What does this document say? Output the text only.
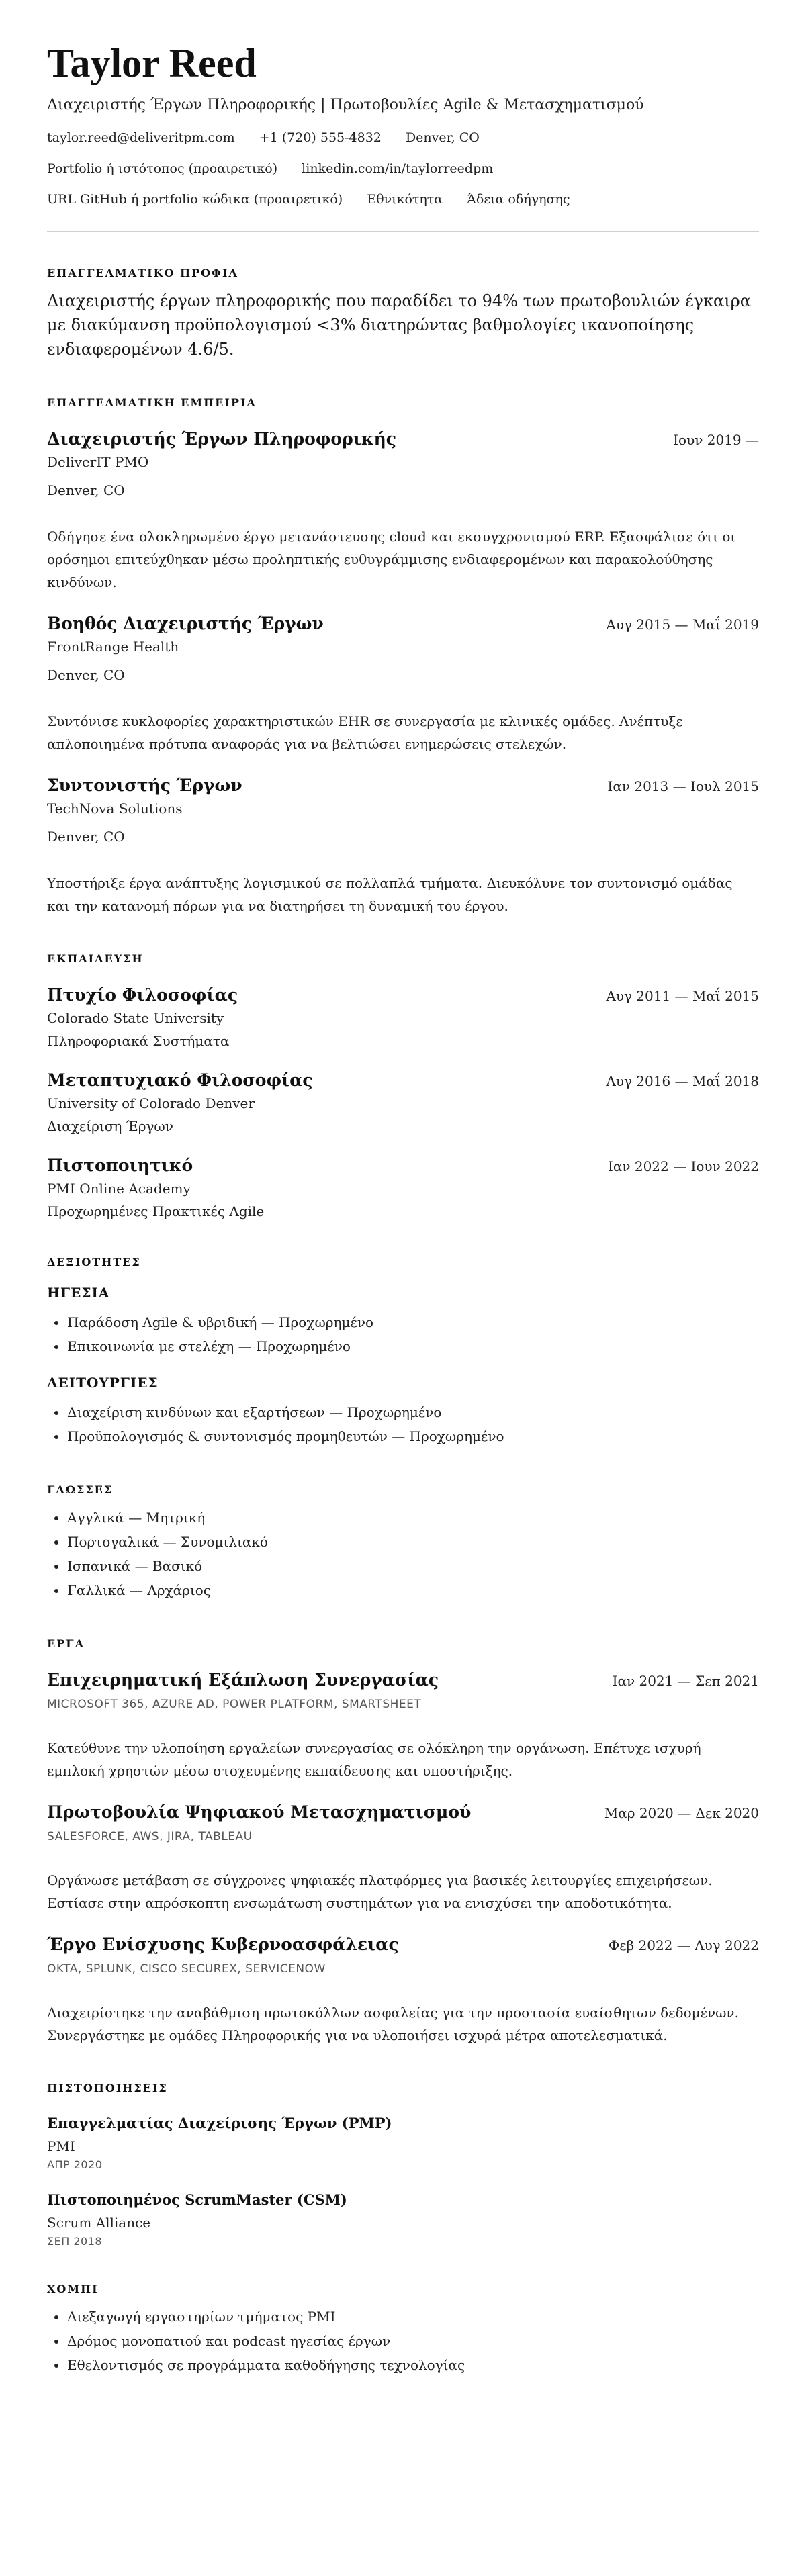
Taylor Reed
Διαχειριστής Έργων Πληροφορικής | Πρωτοβουλίες Agile & Μετασχηματισμού
taylor.reed@deliveritpm.com +1 (720) 555-4832 Denver, CO
Portfolio ή ιστότοπος (προαιρετικό) linkedin.com/in/taylorreedpm
URL GitHub ή portfolio κώδικα (προαιρετικό) Εθνικότητα Άδεια οδήγησης
ΕΠΑΓΓΕΛΜΑΤΙΚΟ ΠΡΟΦΙΛ
Διαχειριστής έργων πληροφορικής που παραδίδει το 94% των πρωτοβουλιών έγκαιρα με διακύμανση προϋπολογισμού <3% διατηρώντας βαθμολογίες ικανοποίησης ενδιαφερομένων 4.6/5.
ΕΠΑΓΓΕΛΜΑΤΙΚΗ ΕΜΠΕΙΡΙΑ
Διαχειριστής Έργων Πληροφορικής	Ιουν 2019 —
DeliverIT PMO
Denver, CO
Οδήγησε ένα ολοκληρωμένο έργο μετανάστευσης cloud και εκσυγχρονισμού ERP. Εξασφάλισε ότι οι ορόσημοι επιτεύχθηκαν μέσω προληπτικής ευθυγράμμισης ενδιαφερομένων και παρακολούθησης κινδύνων.
Βοηθός Διαχειριστής Έργων	Αυγ 2015 — Μαΐ 2019
FrontRange Health
Denver, CO
Συντόνισε κυκλοφορίες χαρακτηριστικών EHR σε συνεργασία με κλινικές ομάδες. Ανέπτυξε απλοποιημένα πρότυπα αναφοράς για να βελτιώσει ενημερώσεις στελεχών.
Συντονιστής Έργων	Ιαν 2013 — Ιουλ 2015
TechNova Solutions
Denver, CO
Υποστήριξε έργα ανάπτυξης λογισμικού σε πολλαπλά τμήματα. Διευκόλυνε τον συντονισμό ομάδας και την κατανομή πόρων για να διατηρήσει τη δυναμική του έργου.
ΕΚΠΑΙΔΕΥΣΗ
Πτυχίο Φιλοσοφίας	Αυγ 2011 — Μαΐ 2015
Colorado State University
Πληροφοριακά Συστήματα
Μεταπτυχιακό Φιλοσοφίας	Αυγ 2016 — Μαΐ 2018
University of Colorado Denver
Διαχείριση Έργων
Πιστοποιητικό	Ιαν 2022 — Ιουν 2022
PMI Online Academy
Προχωρημένες Πρακτικές Agile
ΔΕΞΙΟΤΗΤΕΣ
ΗΓΕΣΙΑ
• Παράδοση Agile & υβριδική — Προχωρημένο
• Επικοινωνία με στελέχη — Προχωρημένο
ΛΕΙΤΟΥΡΓΙΕΣ
• Διαχείριση κινδύνων και εξαρτήσεων — Προχωρημένο
• Προϋπολογισμός & συντονισμός προμηθευτών — Προχωρημένο
ΓΛΩΣΣΕΣ
• Αγγλικά — Μητρική
• Πορτογαλικά — Συνομιλιακό
• Ισπανικά — Βασικό
• Γαλλικά — Αρχάριος
ΕΡΓΑ
Επιχειρηματική Εξάπλωση Συνεργασίας	Ιαν 2021 — Σεπ 2021
MICROSOFT 365, AZURE AD, POWER PLATFORM, SMARTSHEET
Κατεύθυνε την υλοποίηση εργαλείων συνεργασίας σε ολόκληρη την οργάνωση. Επέτυχε ισχυρή εμπλοκή χρηστών μέσω στοχευμένης εκπαίδευσης και υποστήριξης.
Πρωτοβουλία Ψηφιακού Μετασχηματισμού	Μαρ 2020 — Δεκ 2020
SALESFORCE, AWS, JIRA, TABLEAU
Οργάνωσε μετάβαση σε σύγχρονες ψηφιακές πλατφόρμες για βασικές λειτουργίες επιχειρήσεων. Εστίασε στην απρόσκοπτη ενσωμάτωση συστημάτων για να ενισχύσει την αποδοτικότητα.
Έργο Ενίσχυσης Κυβερνοασφάλειας	Φεβ 2022 — Αυγ 2022
OKTA, SPLUNK, CISCO SECUREX, SERVICENOW
Διαχειρίστηκε την αναβάθμιση πρωτοκόλλων ασφαλείας για την προστασία ευαίσθητων δεδομένων. Συνεργάστηκε με ομάδες Πληροφορικής για να υλοποιήσει ισχυρά μέτρα αποτελεσματικά.
ΠΙΣΤΟΠΟΙΗΣΕΙΣ
Επαγγελματίας Διαχείρισης Έργων (PMP)
PMI
ΑΠΡ 2020
Πιστοποιημένος ScrumMaster (CSM)
Scrum Alliance
ΣΕΠ 2018
ΧΟΜΠΙ
• Διεξαγωγή εργαστηρίων τμήματος PMI
• Δρόμος μονοπατιού και podcast ηγεσίας έργων
• Εθελοντισμός σε προγράμματα καθοδήγησης τεχνολογίας
